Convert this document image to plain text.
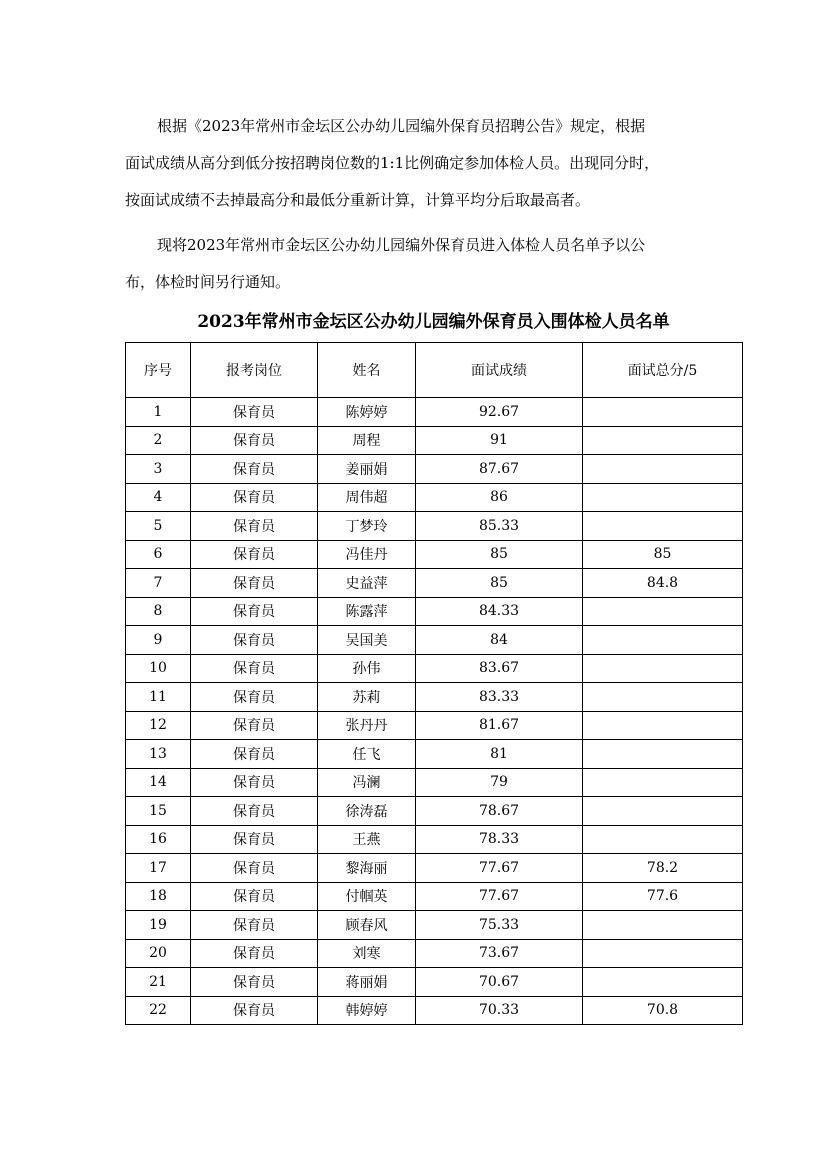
根据《2023年常州市金坛区公办幼儿园编外保育员招聘公告》规定，根据
面试成绩从高分到低分按招聘岗位数的1:1比例确定参加体检人员。出现同分时，
按面试成绩不去掉最高分和最低分重新计算，计算平均分后取最高者。
现将2023年常州市金坛区公办幼儿园编外保育员进入体检人员名单予以公
布，体检时间另行通知。
2023年常州市金坛区公办幼儿园编外保育员入围体检人员名单
序号	报考岗位	姓名	面试成绩	面试总分/5
1	保育员	陈婷婷	92.67	
2	保育员	周程	91	
3	保育员	姜丽娟	87.67	
4	保育员	周伟超	86	
5	保育员	丁梦玲	85.33	
6	保育员	冯佳丹	85	85
7	保育员	史益萍	85	84.8
8	保育员	陈露萍	84.33	
9	保育员	吴国美	84	
10	保育员	孙伟	83.67	
11	保育员	苏莉	83.33	
12	保育员	张丹丹	81.67	
13	保育员	任飞	81	
14	保育员	冯澜	79	
15	保育员	徐涛磊	78.67	
16	保育员	王燕	78.33	
17	保育员	黎海丽	77.67	78.2
18	保育员	付帼英	77.67	77.6
19	保育员	顾春风	75.33	
20	保育员	刘寒	73.67	
21	保育员	蒋丽娟	70.67	
22	保育员	韩婷婷	70.33	70.8
